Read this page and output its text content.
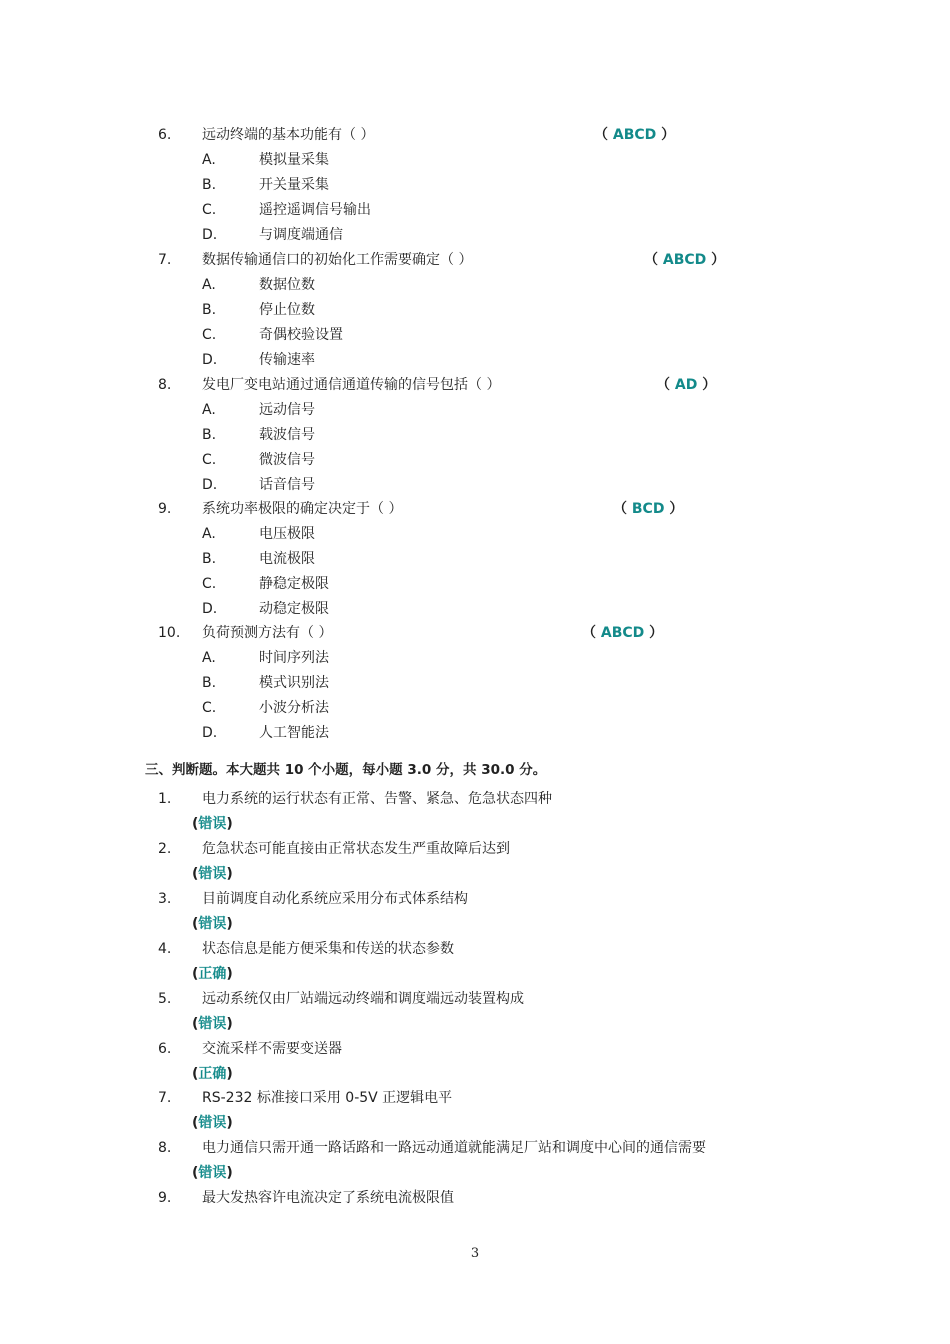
6. 远动终端的基本功能有（ ）	（ ABCD ）
A.	模拟量采集
B.	开关量采集
C.	遥控遥调信号输出
D.	与调度端通信
7. 数据传输通信口的初始化工作需要确定（ ）	（ ABCD ）
A.	数据位数
B.	停止位数
C.	奇偶校验设置
D.	传输速率
8. 发电厂变电站通过通信通道传输的信号包括（ ）	（ AD ）
A.	远动信号
B.	载波信号
C.	微波信号
D.	话音信号
9. 系统功率极限的确定决定于（ ）	（ BCD ）
A.	电压极限
B.	电流极限
C.	静稳定极限
D.	动稳定极限
10. 负荷预测方法有（ ）	（ ABCD ）
A.	时间序列法
B.	模式识别法
C.	小波分析法
D.	人工智能法
三、判断题。本大题共 10 个小题，每小题 3.0 分，共 30.0 分。
1. 电力系统的运行状态有正常、告警、紧急、危急状态四种
(错误)
2. 危急状态可能直接由正常状态发生严重故障后达到
(错误)
3. 目前调度自动化系统应采用分布式体系结构
(错误)
4. 状态信息是能方便采集和传送的状态参数
(正确)
5. 远动系统仅由厂站端远动终端和调度端远动装置构成
(错误)
6. 交流采样不需要变送器
(正确)
7. RS-232 标准接口采用 0-5V 正逻辑电平
(错误)
8. 电力通信只需开通一路话路和一路远动通道就能满足厂站和调度中心间的通信需要
(错误)
9. 最大发热容许电流决定了系统电流极限值
3
